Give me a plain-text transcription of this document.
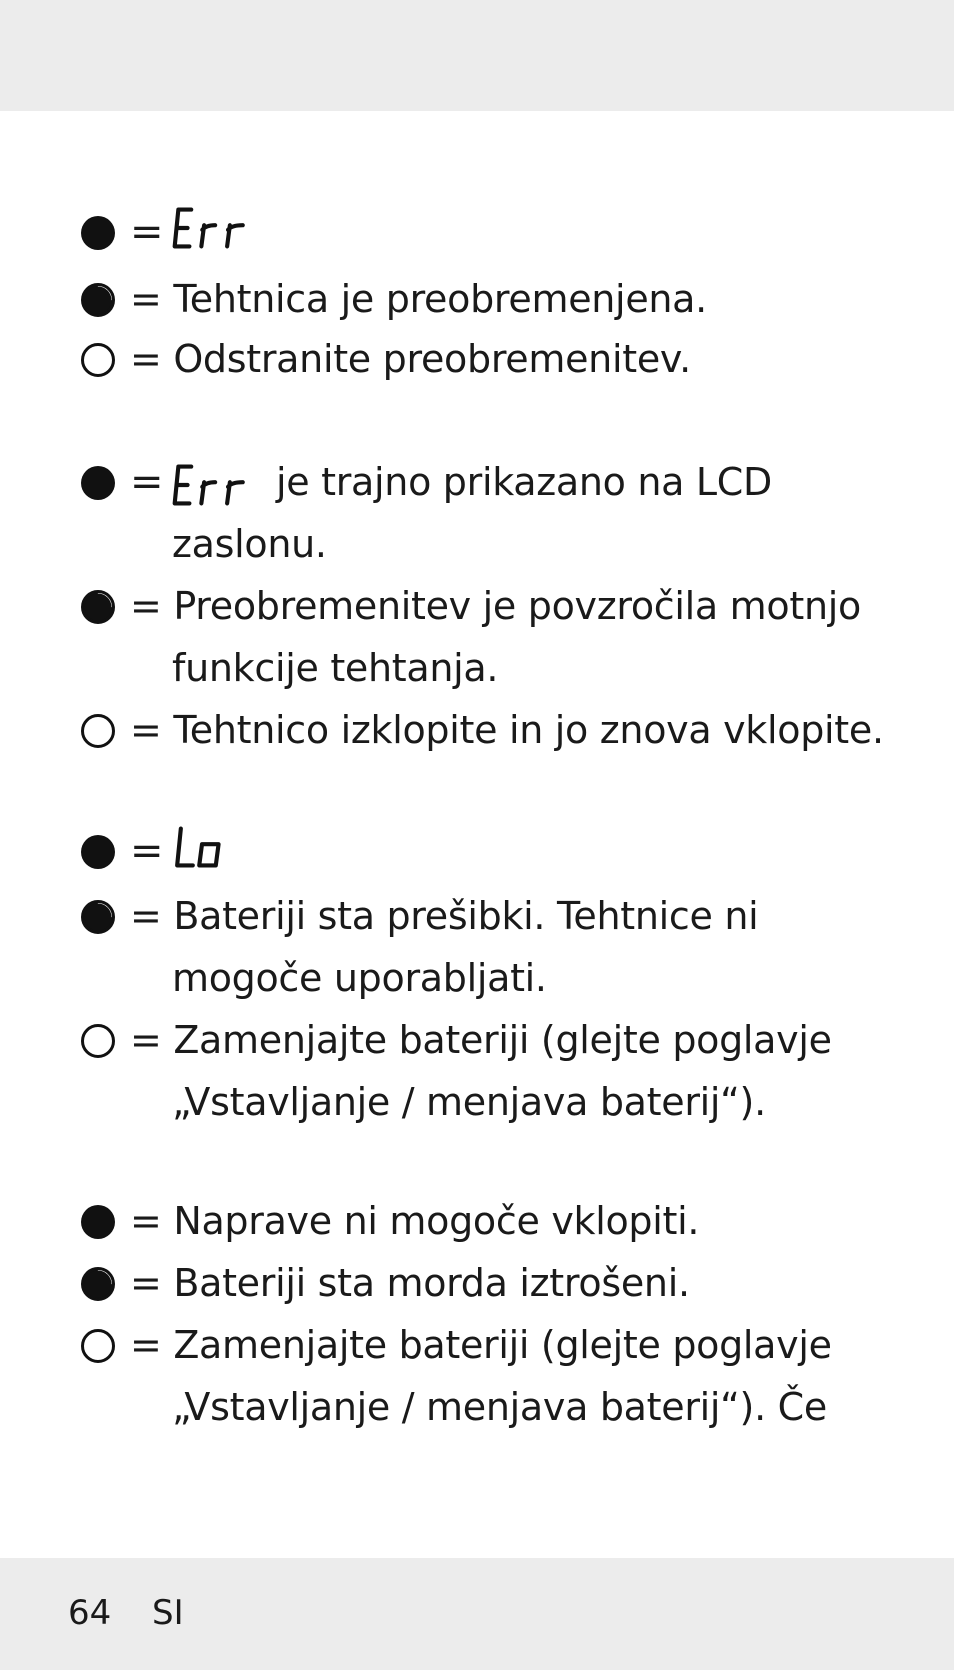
=
= Tehtnica je preobremenjena.
= Odstranite preobremenitev.
=	je trajno prikazano na LCD
zaslonu.
= Preobremenitev je povzročila motnjo
funkcije tehtanja.
= Tehtnico izklopite in jo znova vklopite.
=
= Bateriji sta prešibki. Tehtnice ni
mogoče uporabljati.
= Zamenjajte bateriji (glejte poglavje
„Vstavljanje / menjava baterij“).
= Naprave ni mogoče vklopiti.
= Bateriji sta morda iztrošeni.
= Zamenjajte bateriji (glejte poglavje
„Vstavljanje / menjava baterij“). Če
64 SI
